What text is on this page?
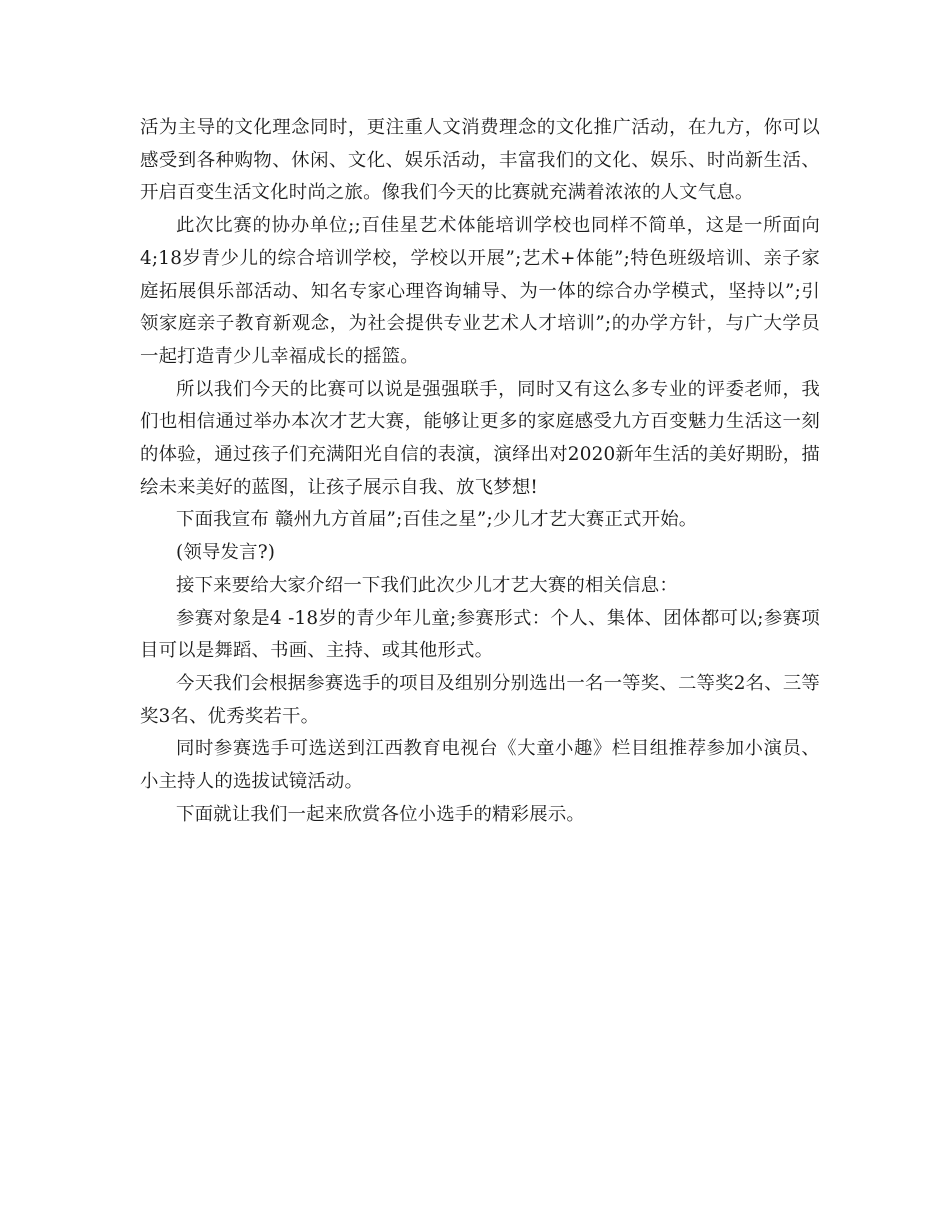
活为主导的文化理念同时，更注重人文消费理念的文化推广活动，在九方，你可以感受到各种购物、休闲、文化、娱乐活动，丰富我们的文化、娱乐、时尚新生活、开启百变生活文化时尚之旅。像我们今天的比赛就充满着浓浓的人文气息。

此次比赛的协办单位;;百佳星艺术体能培训学校也同样不简单，这是一所面向4;18岁青少儿的综合培训学校，学校以开展”;艺术+体能”;特色班级培训、亲子家庭拓展俱乐部活动、知名专家心理咨询辅导、为一体的综合办学模式，坚持以”;引领家庭亲子教育新观念，为社会提供专业艺术人才培训”;的办学方针，与广大学员一起打造青少儿幸福成长的摇篮。

所以我们今天的比赛可以说是强强联手，同时又有这么多专业的评委老师，我们也相信通过举办本次才艺大赛，能够让更多的家庭感受九方百变魅力生活这一刻的体验，通过孩子们充满阳光自信的表演，演绎出对2020新年生活的美好期盼，描绘未来美好的蓝图，让孩子展示自我、放飞梦想!

下面我宣布 赣州九方首届”;百佳之星”;少儿才艺大赛正式开始。

(领导发言?)

接下来要给大家介绍一下我们此次少儿才艺大赛的相关信息：

参赛对象是4 -18岁的青少年儿童;参赛形式：个人、集体、团体都可以;参赛项目可以是舞蹈、书画、主持、或其他形式。

今天我们会根据参赛选手的项目及组别分别选出一名一等奖、二等奖2名、三等奖3名、优秀奖若干。

同时参赛选手可选送到江西教育电视台《大童小趣》栏目组推荐参加小演员、小主持人的选拔试镜活动。

下面就让我们一起来欣赏各位小选手的精彩展示。
